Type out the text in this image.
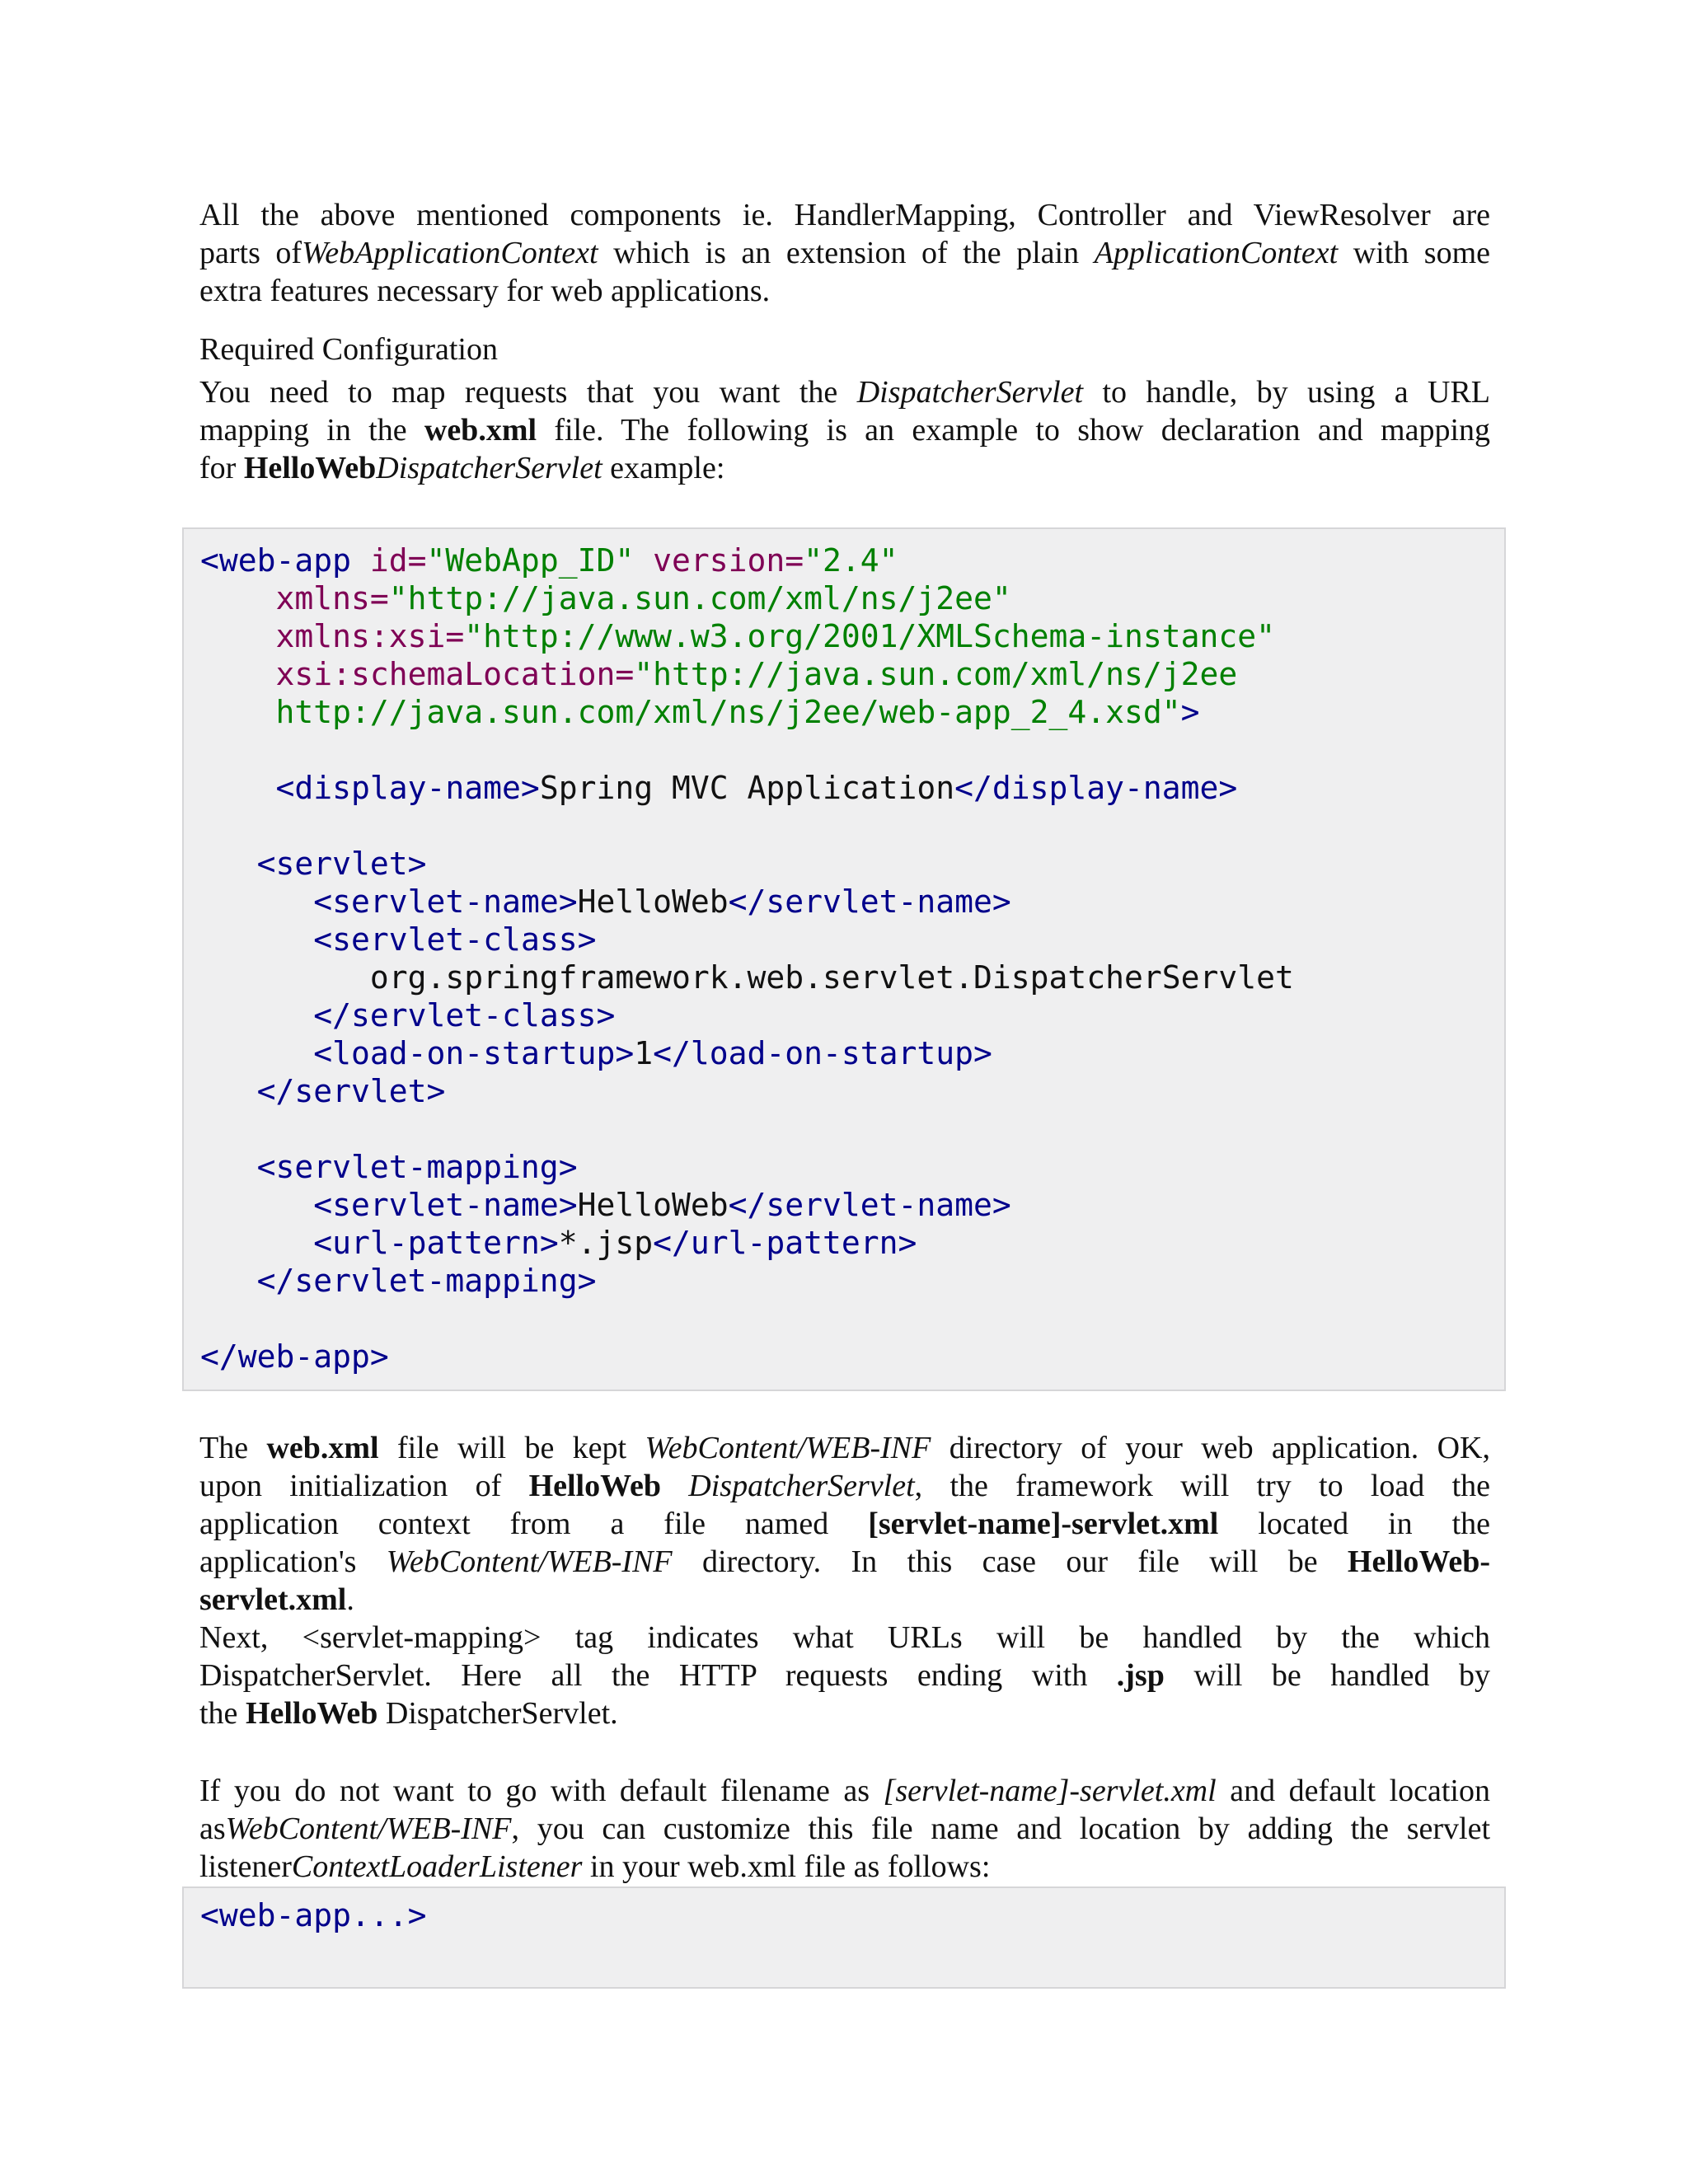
All the above mentioned components ie. HandlerMapping, Controller and ViewResolver are
parts ofWebApplicationContext which is an extension of the plain ApplicationContext with some
extra features necessary for web applications.
Required Configuration
You need to map requests that you want the DispatcherServlet to handle, by using a URL
mapping in the web.xml file. The following is an example to show declaration and mapping
for HelloWebDispatcherServlet example:
<web-app id="WebApp_ID" version="2.4"
xmlns="http://java.sun.com/xml/ns/j2ee"
xmlns:xsi="http://www.w3.org/2001/XMLSchema-instance"
xsi:schemaLocation="http://java.sun.com/xml/ns/j2ee
http://java.sun.com/xml/ns/j2ee/web-app_2_4.xsd">

<display-name>Spring MVC Application</display-name>

<servlet>
<servlet-name>HelloWeb</servlet-name>
<servlet-class>
org.springframework.web.servlet.DispatcherServlet
</servlet-class>
<load-on-startup>1</load-on-startup>
</servlet>

<servlet-mapping>
<servlet-name>HelloWeb</servlet-name>
<url-pattern>*.jsp</url-pattern>
</servlet-mapping>

</web-app>
The web.xml file will be kept WebContent/WEB-INF directory of your web application. OK,
upon initialization of HelloWeb DispatcherServlet, the framework will try to load the
application context from a file named [servlet-name]-servlet.xml located in the
application's WebContent/WEB-INF directory. In this case our file will be HelloWeb-
servlet.xml.
Next, <servlet-mapping> tag indicates what URLs will be handled by the which
DispatcherServlet. Here all the HTTP requests ending with .jsp will be handled by
the HelloWeb DispatcherServlet.
If you do not want to go with default filename as [servlet-name]-servlet.xml and default location
asWebContent/WEB-INF, you can customize this file name and location by adding the servlet
listenerContextLoaderListener in your web.xml file as follows:
<web-app...>
